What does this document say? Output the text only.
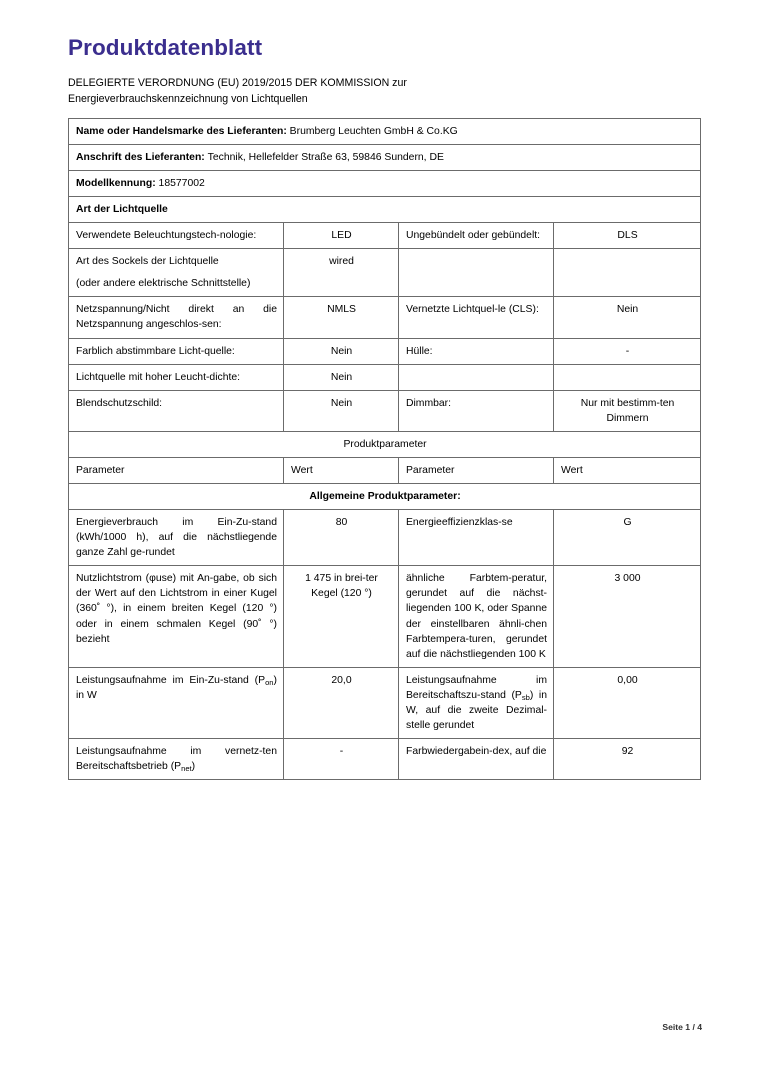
Produktdatenblatt
DELEGIERTE VERORDNUNG (EU) 2019/2015 DER KOMMISSION zur
Energieverbrauchskennzeichnung von Lichtquellen
Name oder Handelsmarke des Lieferanten: Brumberg Leuchten GmbH & Co.KG			
Anschrift des Lieferanten: Technik, Hellefelder Straße 63, 59846 Sundern, DE			
Modellkennung: 18577002			
Art der Lichtquelle			
Verwendete Beleuchtungstech-nologie:	LED	Ungebündelt oder gebündelt:	DLS

Art des Sockels der Lichtquelle
(oder andere elektrische Schnittstelle)	wired		
Netzspannung/Nicht direkt an die Netzspannung angeschlos-sen:	NMLS	Vernetzte Lichtquel-le (CLS):	Nein
Farblich abstimmbare Licht-quelle:	Nein	Hülle:	-
Lichtquelle mit hoher Leucht-dichte:	Nein		
Blendschutzschild:	Nein	Dimmbar:	Nur mit bestimm-ten Dimmern
Produktparameter			
Parameter	Wert	Parameter	Wert
Allgemeine Produktparameter:			
Energieverbrauch im Ein-Zu-stand (kWh/1000 h), auf die nächstliegende ganze Zahl ge-rundet	80	Energieeffizienzklas-se	G
Nutzlichtstrom (φuse) mit An-gabe, ob sich der Wert auf den Lichtstrom in einer Kugel (360˚ °), in einem breiten Kegel (120 °) oder in einem schmalen Kegel (90˚ °) bezieht	1 475 in brei-ter Kegel (120 °)	ähnliche Farbtem-peratur, gerundet auf die nächst-liegenden 100 K, oder Spanne der einstellbaren ähnli-chen Farbtempera-turen, gerundet auf die nächstliegenden 100 K	3 000
Leistungsaufnahme im Ein-Zu-stand $(P_{on})$ in W	20,0	Leistungsaufnahme im Bereitschaftszu-stand $(P_{sb})$ in W, auf die zweite Dezimal-stelle gerundet	0,00
Leistungsaufnahme im vernetz-ten Bereitschaftsbetrieb $(P_{net})$	-	Farbwiedergabein-dex, auf die	92
Seite 1 / 4
